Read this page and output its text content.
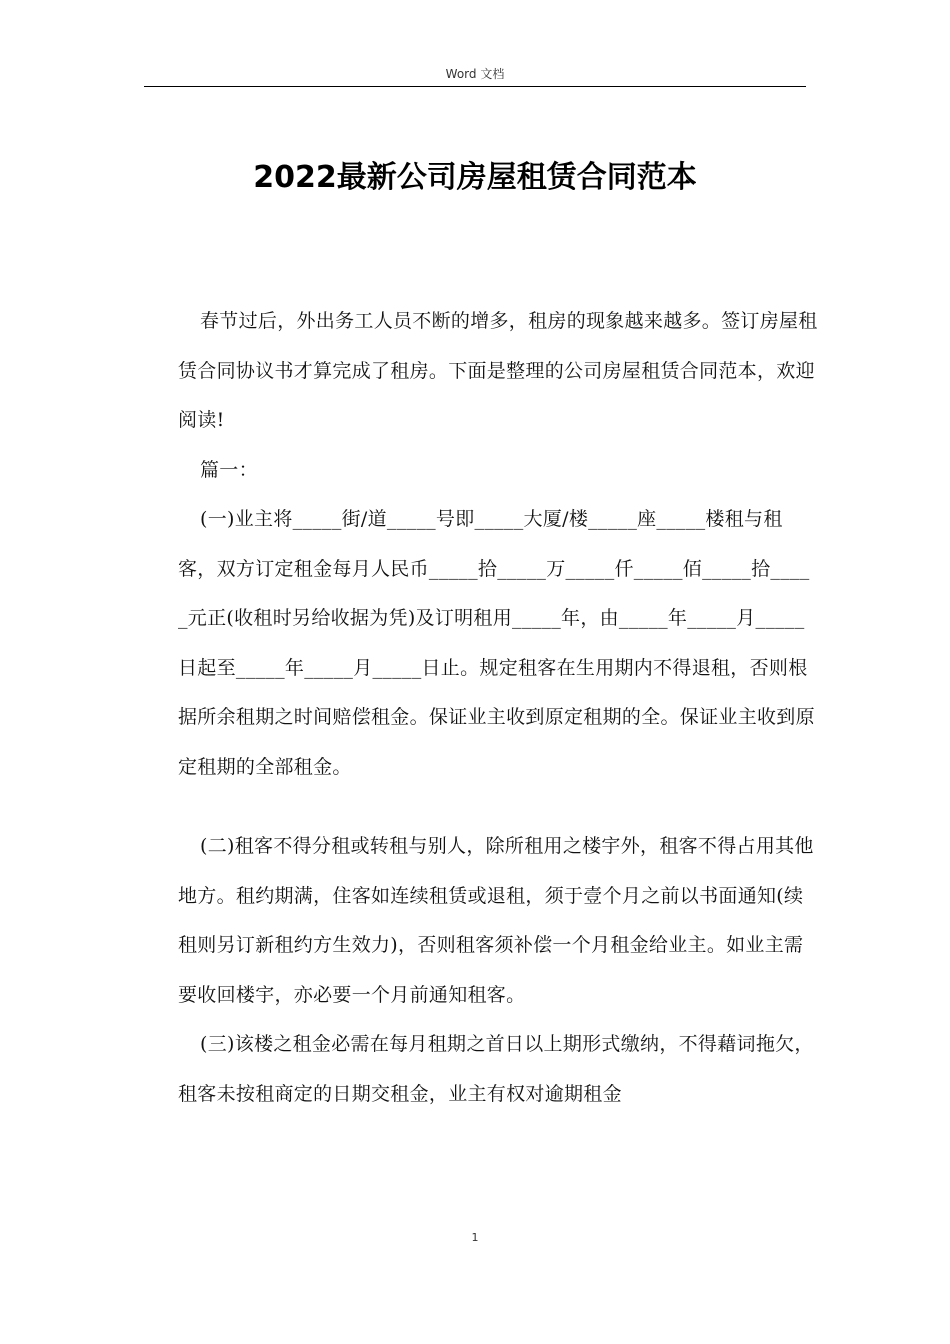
Word 文档
2022最新公司房屋租赁合同范本

春节过后，外出务工人员不断的增多，租房的现象越来越多。签订房屋租赁合同协议书才算完成了租房。下面是整理的公司房屋租赁合同范本，欢迎阅读!

篇一：

(一)业主将_____街/道_____号即_____大厦/楼_____座_____楼租与租客，双方订定租金每月人民币_____拾_____万_____仟_____佰_____拾_____元正(收租时另给收据为凭)及订明租用_____年，由_____年_____月_____日起至_____年_____月_____日止。规定租客在生用期内不得退租，否则根据所余租期之时间赔偿租金。保证业主收到原定租期的全。保证业主收到原定租期的全部租金。

(二)租客不得分租或转租与别人，除所租用之楼宇外，租客不得占用其他地方。租约期满，住客如连续租赁或退租，须于壹个月之前以书面通知(续租则另订新租约方生效力)，否则租客须补偿一个月租金给业主。如业主需要收回楼宇，亦必要一个月前通知租客。

(三)该楼之租金必需在每月租期之首日以上期形式缴纳，不得藉词拖欠，租客未按租商定的日期交租金，业主有权对逾期租金

1
